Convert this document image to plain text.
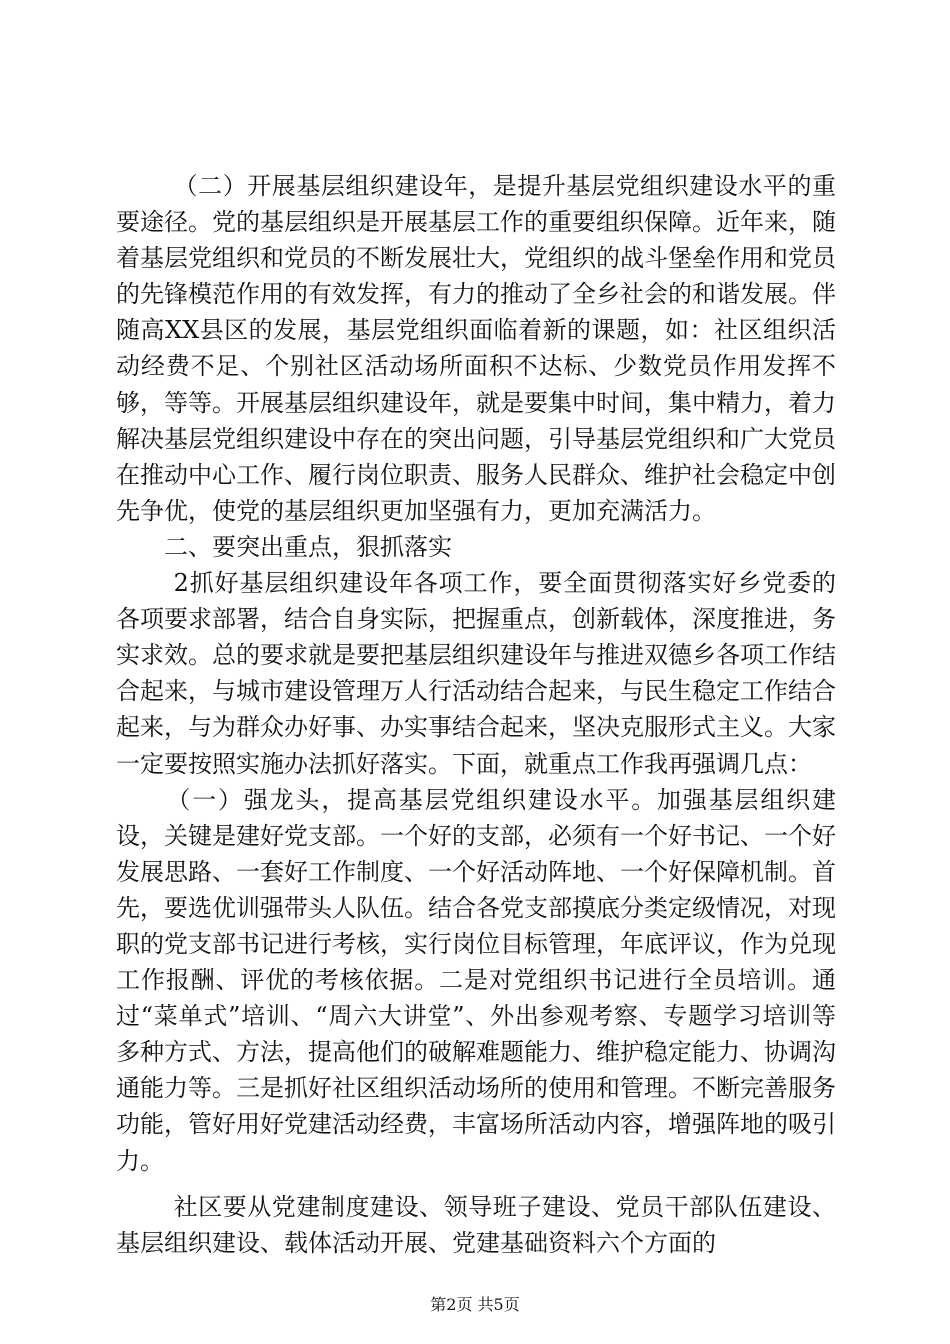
（二）开展基层组织建设年，是提升基层党组织建设水平的重要途径。党的基层组织是开展基层工作的重要组织保障。近年来，随着基层党组织和党员的不断发展壮大，党组织的战斗堡垒作用和党员的先锋模范作用的有效发挥，有力的推动了全乡社会的和谐发展。伴随高XX县区的发展，基层党组织面临着新的课题，如：社区组织活动经费不足、个别社区活动场所面积不达标、少数党员作用发挥不够，等等。开展基层组织建设年，就是要集中时间，集中精力，着力解决基层党组织建设中存在的突出问题，引导基层党组织和广大党员在推动中心工作、履行岗位职责、服务人民群众、维护社会稳定中创先争优，使党的基层组织更加坚强有力，更加充满活力。

二、要突出重点，狠抓落实

2抓好基层组织建设年各项工作，要全面贯彻落实好乡党委的各项要求部署，结合自身实际，把握重点，创新载体，深度推进，务实求效。总的要求就是要把基层组织建设年与推进双德乡各项工作结合起来，与城市建设管理万人行活动结合起来，与民生稳定工作结合起来，与为群众办好事、办实事结合起来，坚决克服形式主义。大家一定要按照实施办法抓好落实。下面，就重点工作我再强调几点：

（一）强龙头，提高基层党组织建设水平。加强基层组织建设，关键是建好党支部。一个好的支部，必须有一个好书记、一个好发展思路、一套好工作制度、一个好活动阵地、一个好保障机制。首先，要选优训强带头人队伍。结合各党支部摸底分类定级情况，对现职的党支部书记进行考核，实行岗位目标管理，年底评议，作为兑现工作报酬、评优的考核依据。二是对党组织书记进行全员培训。通过“菜单式”培训、“周六大讲堂”、外出参观考察、专题学习培训等多种方式、方法，提高他们的破解难题能力、维护稳定能力、协调沟通能力等。三是抓好社区组织活动场所的使用和管理。不断完善服务功能，管好用好党建活动经费，丰富场所活动内容，增强阵地的吸引力。

社区要从党建制度建设、领导班子建设、党员干部队伍建设、基层组织建设、载体活动开展、党建基础资料六个方面的

第2页 共5页
